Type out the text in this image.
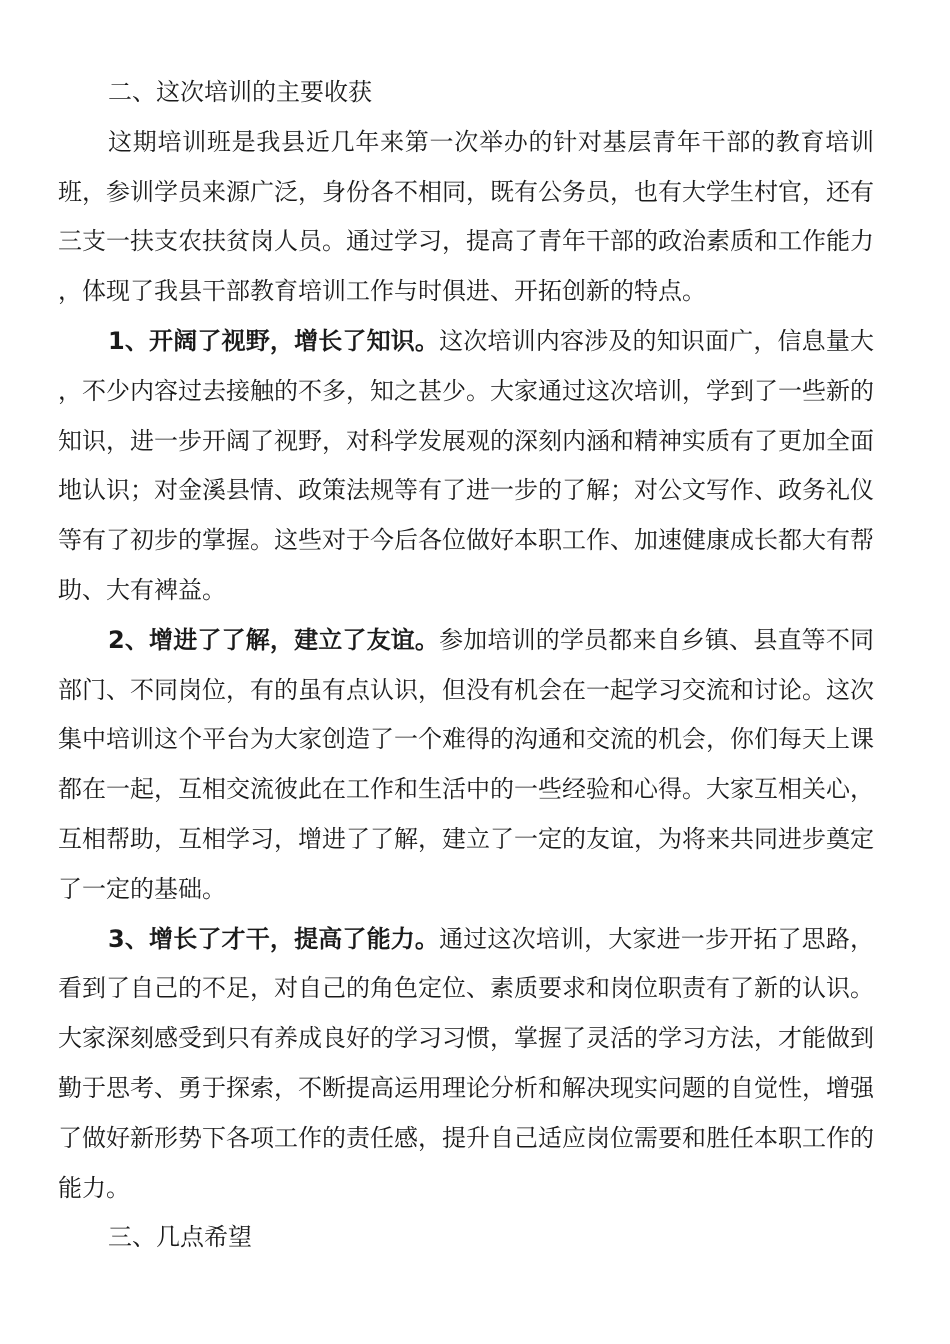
二、这次培训的主要收获

这期培训班是我县近几年来第一次举办的针对基层青年干部的教育培训班，参训学员来源广泛，身份各不相同，既有公务员，也有大学生村官，还有三支一扶支农扶贫岗人员。通过学习，提高了青年干部的政治素质和工作能力，体现了我县干部教育培训工作与时俱进、开拓创新的特点。

1、开阔了视野，增长了知识。这次培训内容涉及的知识面广，信息量大，不少内容过去接触的不多，知之甚少。大家通过这次培训，学到了一些新的知识，进一步开阔了视野，对科学发展观的深刻内涵和精神实质有了更加全面地认识；对金溪县情、政策法规等有了进一步的了解；对公文写作、政务礼仪等有了初步的掌握。这些对于今后各位做好本职工作、加速健康成长都大有帮助、大有裨益。

2、增进了了解，建立了友谊。参加培训的学员都来自乡镇、县直等不同部门、不同岗位，有的虽有点认识，但没有机会在一起学习交流和讨论。这次集中培训这个平台为大家创造了一个难得的沟通和交流的机会，你们每天上课都在一起，互相交流彼此在工作和生活中的一些经验和心得。大家互相关心，互相帮助，互相学习，增进了了解，建立了一定的友谊，为将来共同进步奠定了一定的基础。

3、增长了才干，提高了能力。通过这次培训，大家进一步开拓了思路，看到了自己的不足，对自己的角色定位、素质要求和岗位职责有了新的认识。大家深刻感受到只有养成良好的学习习惯，掌握了灵活的学习方法，才能做到勤于思考、勇于探索，不断提高运用理论分析和解决现实问题的自觉性，增强了做好新形势下各项工作的责任感，提升自己适应岗位需要和胜任本职工作的能力。

三、几点希望
